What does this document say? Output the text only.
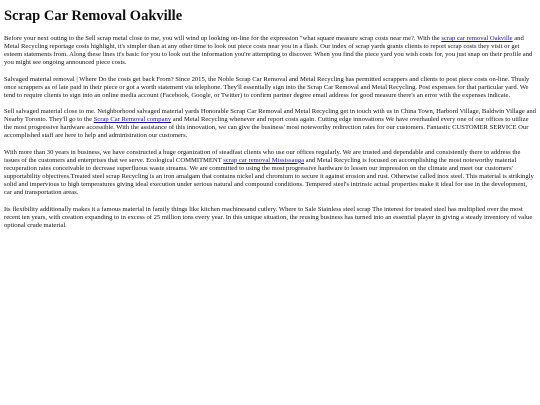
Scrap Car Removal Oakville

Before your next outing to the Sell scrap metal close to me, you will wind up looking on-line for the expression "what square measure scrap costs near me?. With the scrap car removal Oakville and Metal Recycling reportage costs highlight, it's simpler than at any other time to look out piece costs near you in a flash. Our index of scrap yards grants clients to report scrap costs they visit or get esteem statements from. Along these lines it's basic for you to look out the information you're attempting to discover. When you find the piece yard you wish costs for, you just snap on their profile and you might see ongoing announced piece costs.

Salvaged material removal | Where Do the costs get back From? Since 2015, the Noble Scrap Car Removal and Metal Recycling has permitted scrappers and clients to post piece costs on-line. Thusly once scrappers as of late paid in their piece or got a worth statement via telephone. They'll essentially sign into the Scrap Car Removal and Metal Recycling. Post expenses for that particular yard. We tend to require clients to sign into an online media account (Facebook, Google, or Twitter) to confirm partner degree email address for good measure there's an error with the expenses indicate.

Sell salvaged material close to me. Neighborhood salvaged material yards Honorable Scrap Car Removal and Metal Recycling get in touch with us in China Town, Harbord Village, Baldwin Village and Nearby Toronto. They'll go to the Scrap Car Removal company and Metal Recycling whenever and report costs again. Cutting edge innovations We have overhauled every one of our offices to utilize the most progressive hardware accessible. With the assistance of this innovation, we can give the business' most noteworthy redirection rates for our customers. Fantastic CUSTOMER SERVICE Our accomplished staff are here to help and administration our customers.

With more than 30 years in business, we have constructed a huge organization of steadfast clients who use our offices regularly. We are trusted and dependable and consistently there to address the issues of the customers and enterprises that we serve. Ecological COMMITMENT scrap car removal Mississauga and Metal Recycling is focused on accomplishing the most noteworthy material recuperation rates conceivable to decrease superfluous waste streams. We are committed to using the most progressive hardware to lessen our impression on the climate and meet our customers' supportability objectives.Treated steel scrap Recycling is an iron amalgam that contains nickel and chromium to secure it against erosion and rust. Otherwise called inox steel. This material is strikingly solid and impervious to high temperatures giving ideal execution under serious natural and compound conditions. Tempered steel's intrinsic actual properties make it ideal for use in the development, car and transportation areas.

Its flexibility additionally makes it a famous material in family things like kitchen machinesand cutlery. Where to Sale Stainless steel scrap The interest for treated steel has multiplied over the most recent ten years, with creation expanding to in excess of 25 million tons every year. In this unique situation, the reusing business has turned into an essential player in giving a steady inventory of value optional crude material.
